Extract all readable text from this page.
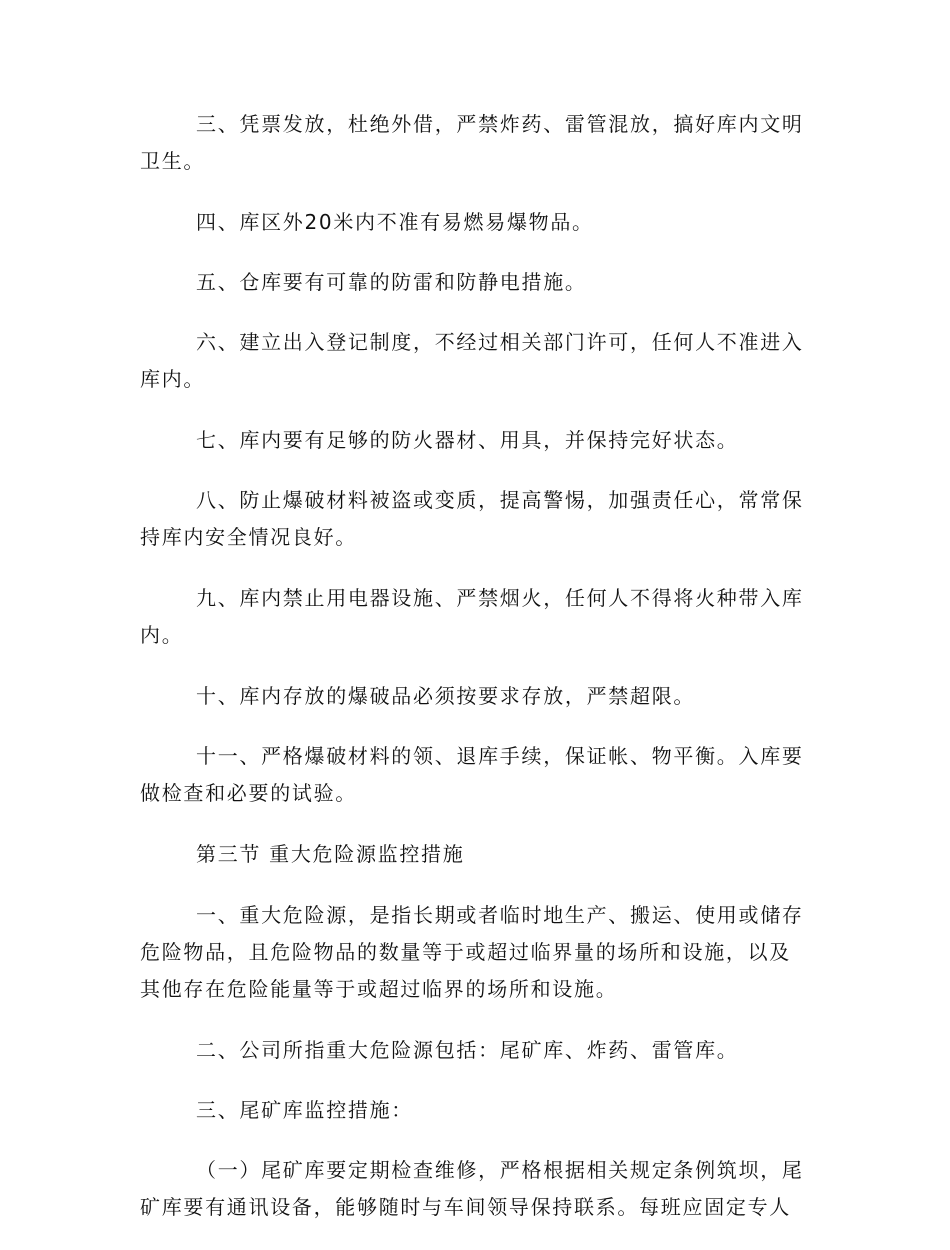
三、凭票发放，杜绝外借，严禁炸药、雷管混放，搞好库内文明卫生。

四、库区外20米内不准有易燃易爆物品。

五、仓库要有可靠的防雷和防静电措施。

六、建立出入登记制度，不经过相关部门许可，任何人不准进入库内。

七、库内要有足够的防火器材、用具，并保持完好状态。

八、防止爆破材料被盗或变质，提高警惕，加强责任心，常常保持库内安全情况良好。

九、库内禁止用电器设施、严禁烟火，任何人不得将火种带入库内。

十、库内存放的爆破品必须按要求存放，严禁超限。

十一、严格爆破材料的领、退库手续，保证帐、物平衡。入库要做检查和必要的试验。

第三节 重大危险源监控措施

一、重大危险源，是指长期或者临时地生产、搬运、使用或储存危险物品，且危险物品的数量等于或超过临界量的场所和设施，以及其他存在危险能量等于或超过临界的场所和设施。

二、公司所指重大危险源包括：尾矿库、炸药、雷管库。

三、尾矿库监控措施：

（一）尾矿库要定期检查维修，严格根据相关规定条例筑坝，尾矿库要有通讯设备，能够随时与车间领导保持联系。每班应固定专人
